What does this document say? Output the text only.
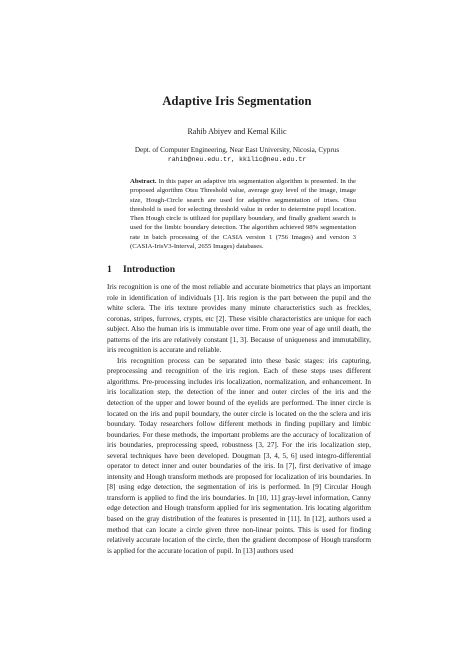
Adaptive Iris Segmentation
Rahib Abiyev and Kemal Kilic
Dept. of Computer Engineering, Near East University, Nicosia, Cyprus
rahib@neu.edu.tr, kkilic@neu.edu.tr
Abstract. In this paper an adaptive iris segmentation algorithm is presented. In the proposed algorithm Otsu Threshold value, average gray level of the image, image size, Hough-Circle search are used for adaptive segmentation of irises. Otsu threshold is used for selecting threshold value in order to determine pupil location. Then Hough circle is utilized for pupillary boundary, and finally gradient search is used for the limbic boundary detection. The algorithm achieved 98% segmentation rate in batch processing of the CASIA version 1 (756 Images) and version 3 (CASIA-IrisV3-Interval, 2655 Images) databases.
1 Introduction

Iris recognition is one of the most reliable and accurate biometrics that plays an important role in identification of individuals [1]. Iris region is the part between the pupil and the white sclera. The iris texture provides many minute characteristics such as freckles, coronas, stripes, furrows, crypts, etc [2]. These visible characteristics are unique for each subject. Also the human iris is immutable over time. From one year of age until death, the patterns of the iris are relatively constant [1, 3]. Because of uniqueness and immutability, iris recognition is accurate and reliable.

Iris recognition process can be separated into these basic stages: iris capturing, preprocessing and recognition of the iris region. Each of these steps uses different algorithms. Pre-processing includes iris localization, normalization, and enhancement. In iris localization step, the detection of the inner and outer circles of the iris and the detection of the upper and lower bound of the eyelids are performed. The inner circle is located on the iris and pupil boundary, the outer circle is located on the the sclera and iris boundary. Today researchers follow different methods in finding pupillary and limbic boundaries. For these methods, the important problems are the accuracy of localization of iris boundaries, preprocessing speed, robustness [3, 27]. For the iris localization step, several techniques have been developed. Dougman [3, 4, 5, 6] used integro-differential operator to detect inner and outer boundaries of the iris. In [7], first derivative of image intensity and Hough transform methods are proposed for localization of iris boundaries. In [8] using edge detection, the segmentation of iris is performed. In [9] Circular Hough transform is applied to find the iris boundaries. In [10, 11] gray-level information, Canny edge detection and Hough transform applied for iris segmentation. Iris locating algorithm based on the gray distribution of the features is presented in [11]. In [12], authors used a method that can locate a circle given three non-linear points. This is used for finding relatively accurate location of the circle, then the gradient decompose of Hough transform is applied for the accurate location of pupil. In [13] authors used
